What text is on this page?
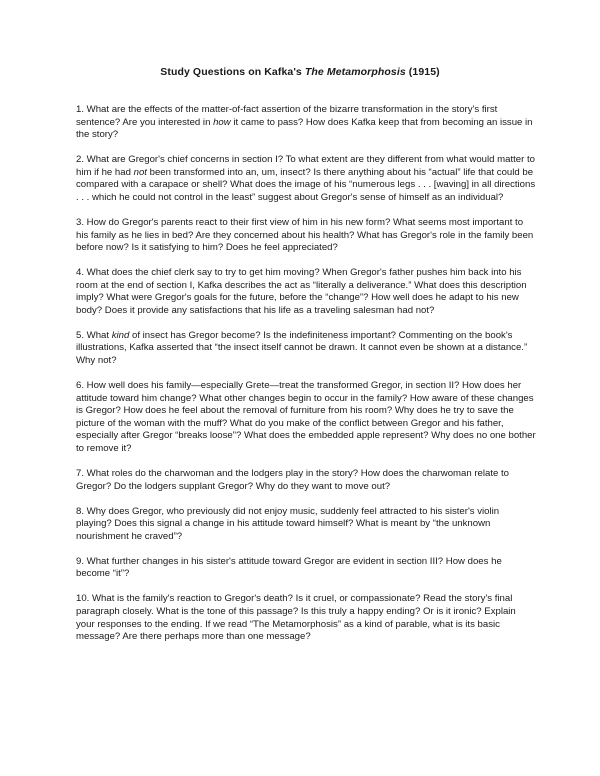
Study Questions on Kafka's The Metamorphosis (1915)

1. What are the effects of the matter-of-fact assertion of the bizarre transformation in the story's first sentence? Are you interested in how it came to pass? How does Kafka keep that from becoming an issue in the story?

2. What are Gregor's chief concerns in section I? To what extent are they different from what would matter to him if he had not been transformed into an, um, insect? Is there anything about his “actual” life that could be compared with a carapace or shell? What does the image of his “numerous legs . . . [waving] in all directions . . . which he could not control in the least” suggest about Gregor's sense of himself as an individual?

3. How do Gregor's parents react to their first view of him in his new form? What seems most important to his family as he lies in bed? Are they concerned about his health? What has Gregor's role in the family been before now? Is it satisfying to him? Does he feel appreciated?

4. What does the chief clerk say to try to get him moving? When Gregor's father pushes him back into his room at the end of section I, Kafka describes the act as “literally a deliverance.” What does this description imply? What were Gregor's goals for the future, before the “change”? How well does he adapt to his new body? Does it provide any satisfactions that his life as a traveling salesman had not?

5. What kind of insect has Gregor become? Is the indefiniteness important? Commenting on the book's illustrations, Kafka asserted that “the insect itself cannot be drawn. It cannot even be shown at a distance.” Why not?

6. How well does his family—especially Grete—treat the transformed Gregor, in section II? How does her attitude toward him change? What other changes begin to occur in the family? How aware of these changes is Gregor? How does he feel about the removal of furniture from his room? Why does he try to save the picture of the woman with the muff? What do you make of the conflict between Gregor and his father, especially after Gregor “breaks loose”? What does the embedded apple represent? Why does no one bother to remove it?

7. What roles do the charwoman and the lodgers play in the story? How does the charwoman relate to Gregor? Do the lodgers supplant Gregor? Why do they want to move out?

8. Why does Gregor, who previously did not enjoy music, suddenly feel attracted to his sister's violin playing? Does this signal a change in his attitude toward himself? What is meant by “the unknown nourishment he craved”?

9. What further changes in his sister's attitude toward Gregor are evident in section III? How does he become “it”?

10. What is the family's reaction to Gregor's death? Is it cruel, or compassionate? Read the story's final paragraph closely. What is the tone of this passage? Is this truly a happy ending? Or is it ironic? Explain your responses to the ending. If we read “The Metamorphosis” as a kind of parable, what is its basic message? Are there perhaps more than one message?
